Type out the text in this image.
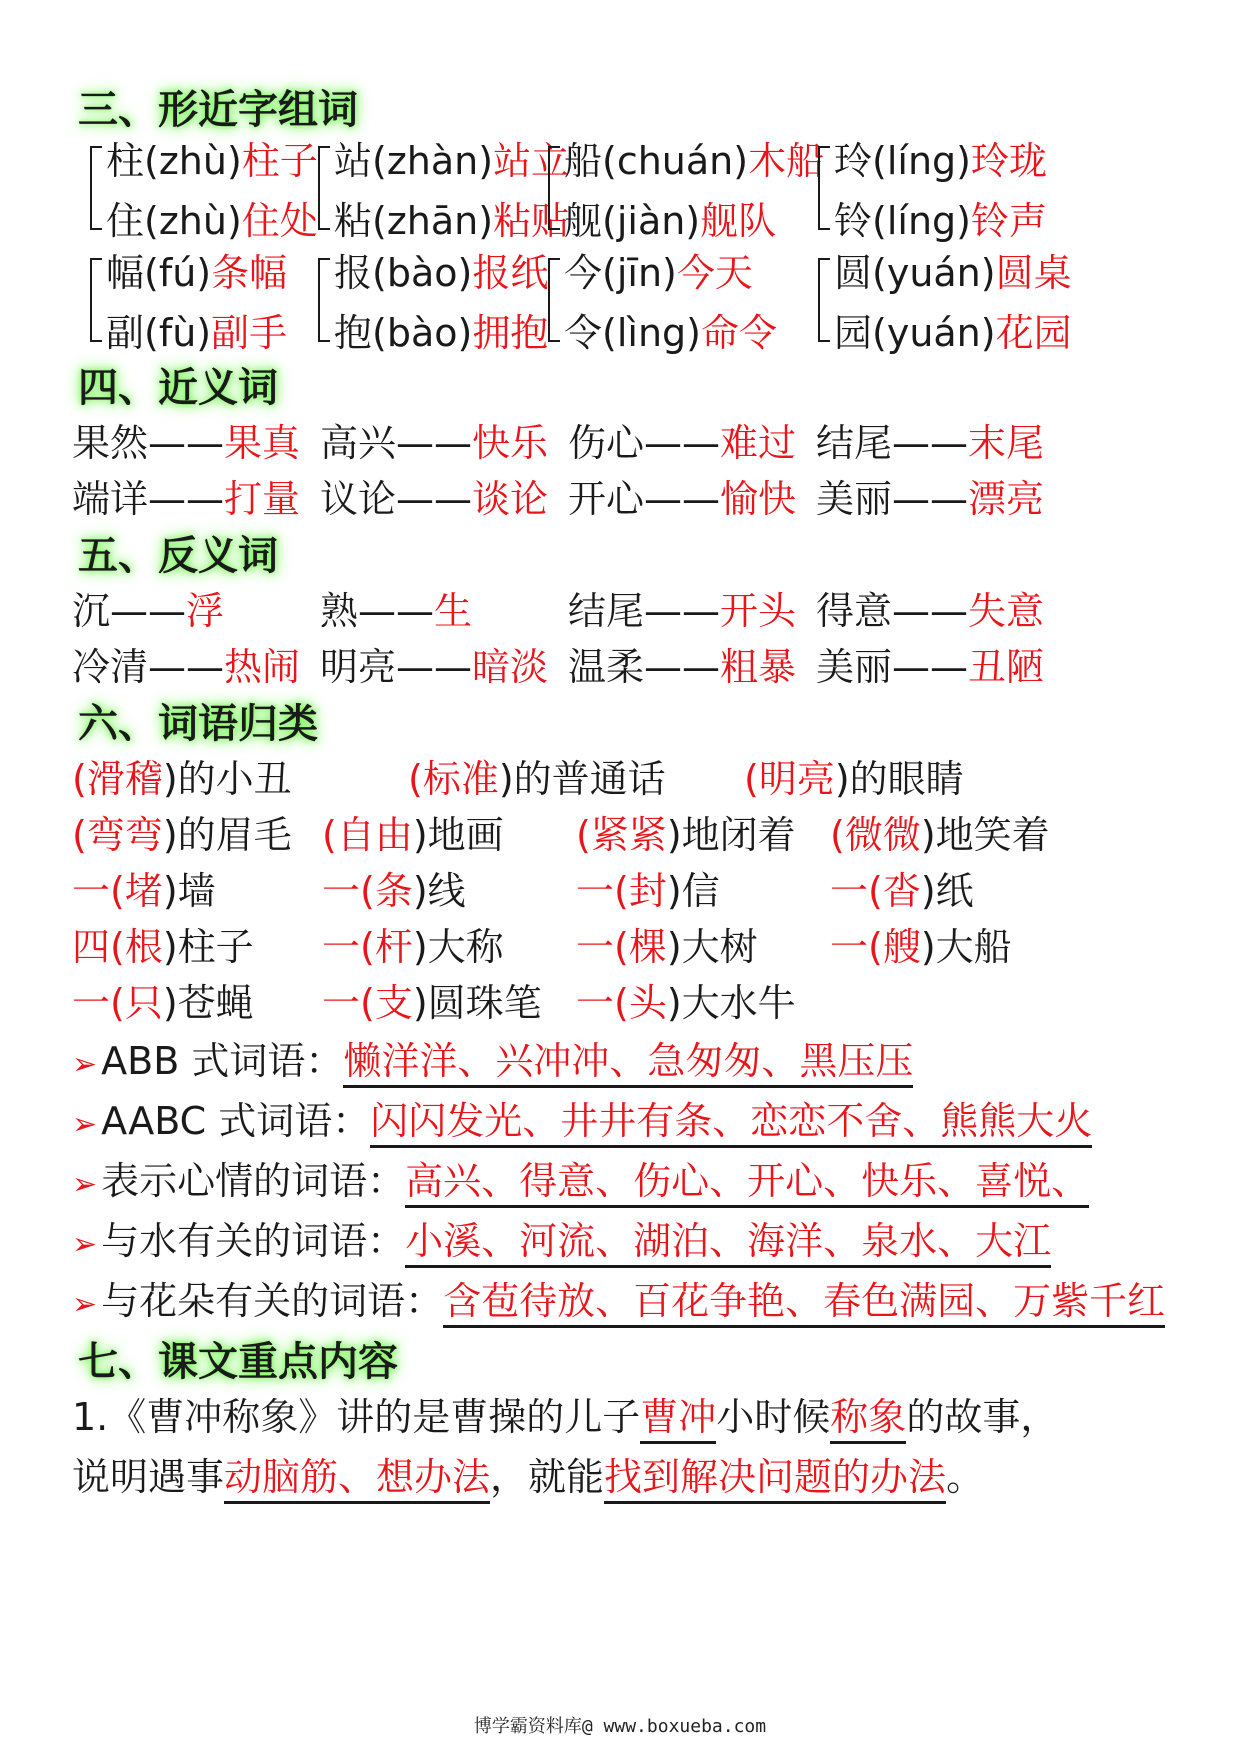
三、形近字组词
柱(zhù)柱子
住(zhù)住处
站(zhàn)站立
粘(zhān)粘贴
船(chuán)木船
舰(jiàn)舰队
玲(líng)玲珑
铃(líng)铃声
幅(fú)条幅
副(fù)副手
报(bào)报纸
抱(bào)拥抱
今(jīn)今天
令(lìng)命令
圆(yuán)圆桌
园(yuán)花园
四、近义词
果然——果真 高兴——快乐 伤心——难过 结尾——末尾
端详——打量 议论——谈论 开心——愉快 美丽——漂亮
五、反义词
沉——浮	熟——生	结尾——开头 得意——失意
冷清——热闹 明亮——暗淡 温柔——粗暴 美丽——丑陋
六、词语归类
(滑稽)的小丑	(标准)的普通话 (明亮)的眼睛
(弯弯)的眉毛 (自由)地画 (紧紧)地闭着 (微微)地笑着
一(堵)墙	一(条)线	一(封)信	一(沓)纸
四(根)柱子 一(杆)大称 一(棵)大树 一(艘)大船
一(只)苍蝇 一(支)圆珠笔 一(头)大水牛
➢ ABB 式词语：懒洋洋、兴冲冲、急匆匆、黑压压
➢ AABC 式词语：闪闪发光、井井有条、恋恋不舍、熊熊大火
➢ 表示心情的词语：高兴、得意、伤心、开心、快乐、喜悦、
➢ 与水有关的词语：小溪、河流、湖泊、海洋、泉水、大江
➢ 与花朵有关的词语：含苞待放、百花争艳、春色满园、万紫千红
七、课文重点内容
1.《曹冲称象》讲的是曹操的儿子曹冲小时候称象的故事，
说明遇事动脑筋、想办法，就能找到解决问题的办法。
博学霸资料库@ www.boxueba.com
